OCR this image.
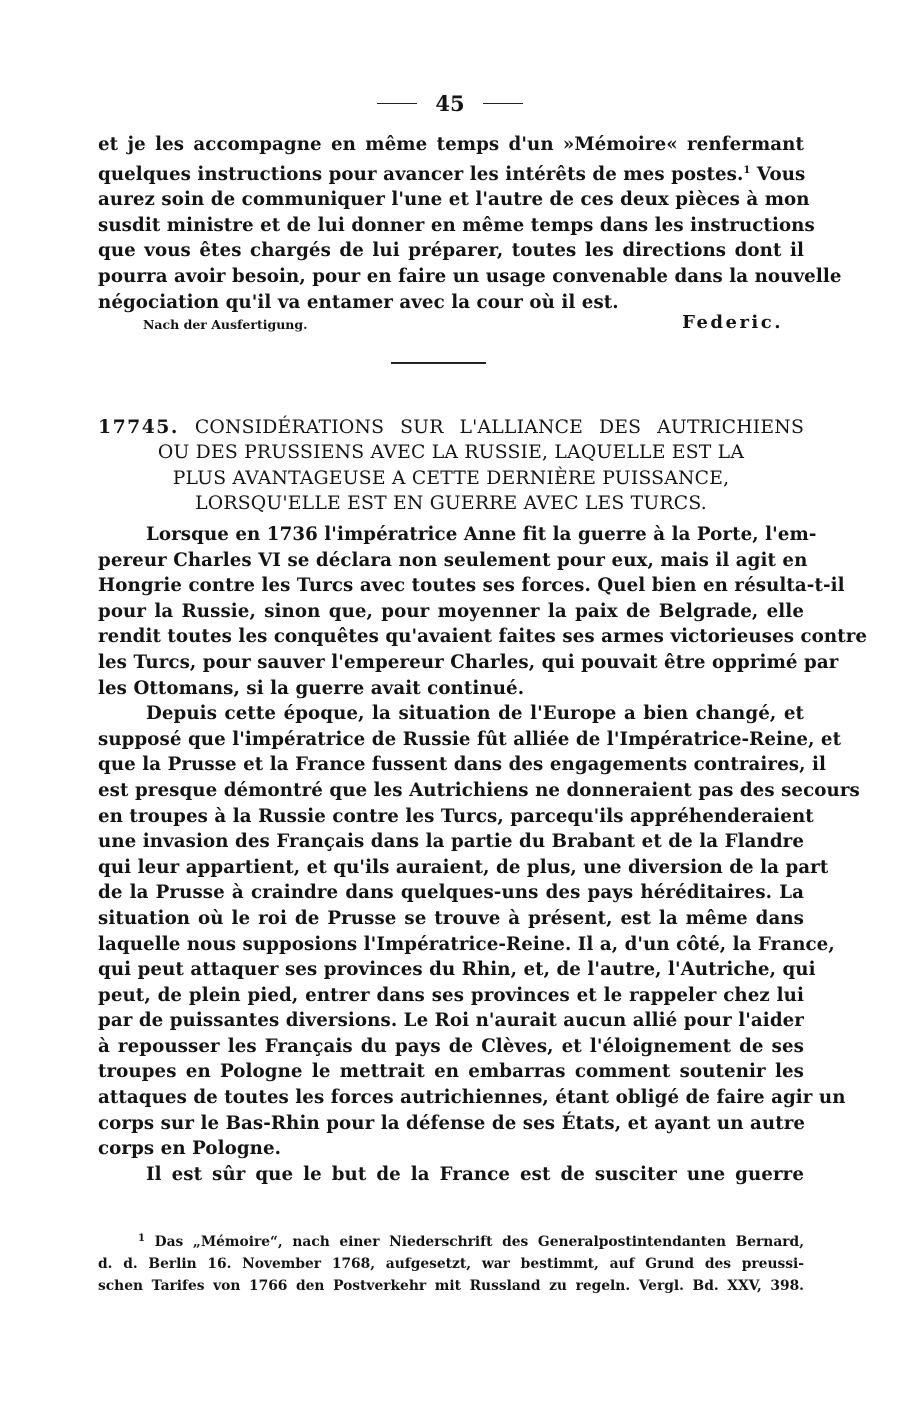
45
et je les accompagne en même temps d'un »Mémoire« renfermant
quelques instructions pour avancer les intérêts de mes postes.$^1$ Vous
aurez soin de communiquer l'une et l'autre de ces deux pièces à mon
susdit ministre et de lui donner en même temps dans les instructions
que vous êtes chargés de lui préparer, toutes les directions dont il
pourra avoir besoin, pour en faire un usage convenable dans la nouvelle
négociation qu'il va entamer avec la cour où il est.
Nach der Ausfertigung.	Federic.
17745. CONSIDÉRATIONS SUR L'ALLIANCE DES AUTRICHIENS
OU DES PRUSSIENS AVEC LA RUSSIE, LAQUELLE EST LA
PLUS AVANTAGEUSE A CETTE DERNIÈRE PUISSANCE,
LORSQU'ELLE EST EN GUERRE AVEC LES TURCS.
Lorsque en 1736 l'impératrice Anne fit la guerre à la Porte, l'em-
pereur Charles VI se déclara non seulement pour eux, mais il agit en
Hongrie contre les Turcs avec toutes ses forces. Quel bien en résulta-t-il
pour la Russie, sinon que, pour moyenner la paix de Belgrade, elle
rendit toutes les conquêtes qu'avaient faites ses armes victorieuses contre
les Turcs, pour sauver l'empereur Charles, qui pouvait être opprimé par
les Ottomans, si la guerre avait continué.
Depuis cette époque, la situation de l'Europe a bien changé, et
supposé que l'impératrice de Russie fût alliée de l'Impératrice-Reine, et
que la Prusse et la France fussent dans des engagements contraires, il
est presque démontré que les Autrichiens ne donneraient pas des secours
en troupes à la Russie contre les Turcs, parcequ'ils appréhenderaient
une invasion des Français dans la partie du Brabant et de la Flandre
qui leur appartient, et qu'ils auraient, de plus, une diversion de la part
de la Prusse à craindre dans quelques-uns des pays héréditaires. La
situation où le roi de Prusse se trouve à présent, est la même dans
laquelle nous supposions l'Impératrice-Reine. Il a, d'un côté, la France,
qui peut attaquer ses provinces du Rhin, et, de l'autre, l'Autriche, qui
peut, de plein pied, entrer dans ses provinces et le rappeler chez lui
par de puissantes diversions. Le Roi n'aurait aucun allié pour l'aider
à repousser les Français du pays de Clèves, et l'éloignement de ses
troupes en Pologne le mettrait en embarras comment soutenir les
attaques de toutes les forces autrichiennes, étant obligé de faire agir un
corps sur le Bas-Rhin pour la défense de ses États, et ayant un autre
corps en Pologne.
Il est sûr que le but de la France est de susciter une guerre
$^1$ Das „Mémoire“, nach einer Niederschrift des Generalpostintendanten Bernard,
d. d. Berlin 16. November 1768, aufgesetzt, war bestimmt, auf Grund des preussi-
schen Tarifes von 1766 den Postverkehr mit Russland zu regeln. Vergl. Bd. XXV, 398.
